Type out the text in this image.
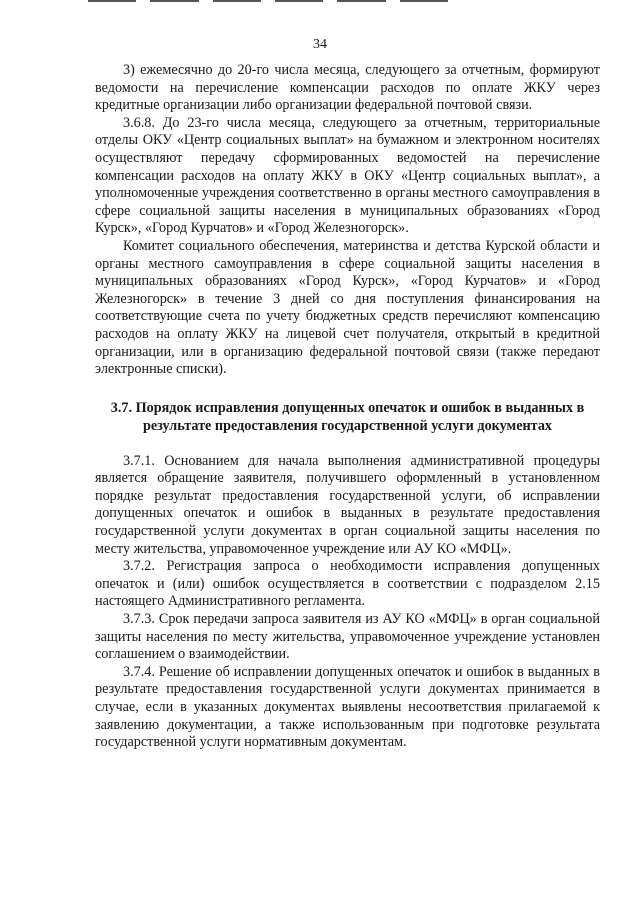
34

3) ежемесячно до 20-го числа месяца, следующего за отчетным, формируют ведомости на перечисление компенсации расходов по оплате ЖКУ через кредитные организации либо организации федеральной почтовой связи.

3.6.8. До 23-го числа месяца, следующего за отчетным, территориальные отделы ОКУ «Центр социальных выплат» на бумажном и электронном носителях осуществляют передачу сформированных ведомостей на перечисление компенсации расходов на оплату ЖКУ в ОКУ «Центр социальных выплат», а уполномоченные учреждения соответственно в органы местного самоуправления в сфере социальной защиты населения в муниципальных образованиях «Город Курск», «Город Курчатов» и «Город Железногорск».

Комитет социального обеспечения, материнства и детства Курской области и органы местного самоуправления в сфере социальной защиты населения в муниципальных образованиях «Город Курск», «Город Курчатов» и «Город Железногорск» в течение 3 дней со дня поступления финансирования на соответствующие счета по учету бюджетных средств перечисляют компенсацию расходов на оплату ЖКУ на лицевой счет получателя, открытый в кредитной организации, или в организацию федеральной почтовой связи (также передают электронные списки).

3.7. Порядок исправления допущенных опечаток и ошибок в выданных в результате предоставления государственной услуги документах

3.7.1. Основанием для начала выполнения административной процедуры является обращение заявителя, получившего оформленный в установленном порядке результат предоставления государственной услуги, об исправлении допущенных опечаток и ошибок в выданных в результате предоставления государственной услуги документах в орган социальной защиты населения по месту жительства, управомоченное учреждение или АУ КО «МФЦ».

3.7.2. Регистрация запроса о необходимости исправления допущенных опечаток и (или) ошибок осуществляется в соответствии с подразделом 2.15 настоящего Административного регламента.

3.7.3. Срок передачи запроса заявителя из АУ КО «МФЦ» в орган социальной защиты населения по месту жительства, управомоченное учреждение установлен соглашением о взаимодействии.

3.7.4. Решение об исправлении допущенных опечаток и ошибок в выданных в результате предоставления государственной услуги документах принимается в случае, если в указанных документах выявлены несоответствия прилагаемой к заявлению документации, а также использованным при подготовке результата государственной услуги нормативным документам.
